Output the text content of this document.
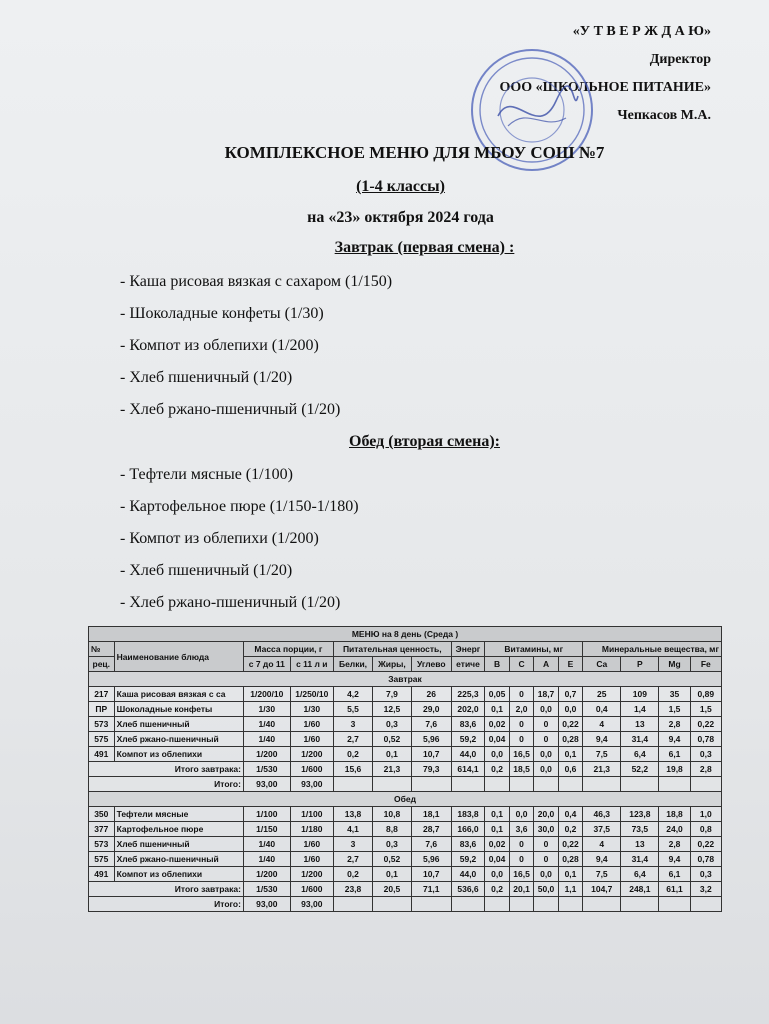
«У Т В Е Р Ж Д А Ю»
Директор
ООО «ШКОЛЬНОЕ ПИТАНИЕ»
Чепкасов М.А.
КОМПЛЕКСНОЕ МЕНЮ ДЛЯ МБОУ СОШ №7
(1-4 классы)
на «23» октября 2024 года
Завтрак (первая смена) :
- Каша рисовая вязкая с сахаром (1/150)
- Шоколадные конфеты (1/30)
- Компот из облепихи (1/200)
- Хлеб пшеничный (1/20)
- Хлеб ржано-пшеничный (1/20)
Обед (вторая смена):
- Тефтели мясные (1/100)
- Картофельное пюре (1/150-1/180)
- Компот из облепихи (1/200)
- Хлеб пшеничный (1/20)
- Хлеб ржано-пшеничный (1/20)
МЕНЮ на 8 день (Среда )															
№	Наименование блюда	Масса порции, г		Питательная ценность,			Энерг	Витамины, мг				Минеральные вещества, мг			
рец.		с 7 до 11	с 11 л и	Белки,	Жиры,	Углево	етиче	B	C	A	E	Ca	P	Mg	Fe
Завтрак															
217	Каша рисовая вязкая с са	1/200/10	1/250/10	4,2	7,9	26	225,3	0,05	0	18,7	0,7	25	109	35	0,89
ПР	Шоколадные конфеты	1/30	1/30	5,5	12,5	29,0	202,0	0,1	2,0	0,0	0,0	0,4	1,4	1,5	1,5
573	Хлеб пшеничный	1/40	1/60	3	0,3	7,6	83,6	0,02	0	0	0,22	4	13	2,8	0,22
575	Хлеб ржано-пшеничный	1/40	1/60	2,7	0,52	5,96	59,2	0,04	0	0	0,28	9,4	31,4	9,4	0,78
491	Компот из облепихи	1/200	1/200	0,2	0,1	10,7	44,0	0,0	16,5	0,0	0,1	7,5	6,4	6,1	0,3
Итого завтрака:		1/530	1/600	15,6	21,3	79,3	614,1	0,2	18,5	0,0	0,6	21,3	52,2	19,8	2,8
Итого:		93,00	93,00												
Обед															
350	Тефтели мясные	1/100	1/100	13,8	10,8	18,1	183,8	0,1	0,0	20,0	0,4	46,3	123,8	18,8	1,0
377	Картофельное пюре	1/150	1/180	4,1	8,8	28,7	166,0	0,1	3,6	30,0	0,2	37,5	73,5	24,0	0,8
573	Хлеб пшеничный	1/40	1/60	3	0,3	7,6	83,6	0,02	0	0	0,22	4	13	2,8	0,22
575	Хлеб ржано-пшеничный	1/40	1/60	2,7	0,52	5,96	59,2	0,04	0	0	0,28	9,4	31,4	9,4	0,78
491	Компот из облепихи	1/200	1/200	0,2	0,1	10,7	44,0	0,0	16,5	0,0	0,1	7,5	6,4	6,1	0,3
Итого завтрака:		1/530	1/600	23,8	20,5	71,1	536,6	0,2	20,1	50,0	1,1	104,7	248,1	61,1	3,2
Итого:		93,00	93,00												
